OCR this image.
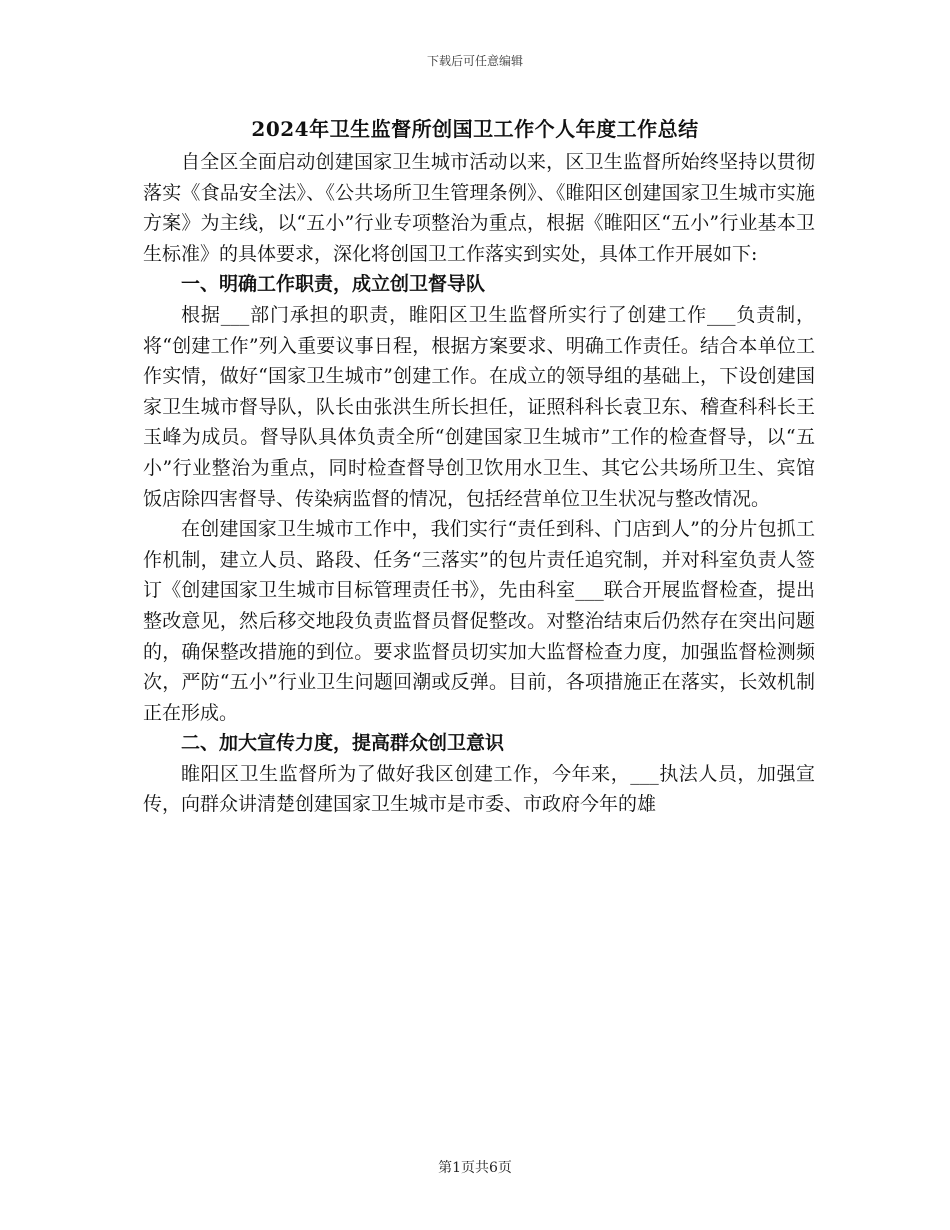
下载后可任意编辑
2024年卫生监督所创国卫工作个人年度工作总结

自全区全面启动创建国家卫生城市活动以来，区卫生监督所始终坚持以贯彻落实《食品安全法》、《公共场所卫生管理条例》、《睢阳区创建国家卫生城市实施方案》为主线，以“五小”行业专项整治为重点，根据《睢阳区“五小”行业基本卫生标准》的具体要求，深化将创国卫工作落实到实处，具体工作开展如下:

一、明确工作职责，成立创卫督导队

根据___部门承担的职责，睢阳区卫生监督所实行了创建工作___负责制，将“创建工作”列入重要议事日程，根据方案要求、明确工作责任。结合本单位工作实情，做好“国家卫生城市”创建工作。在成立的领导组的基础上，下设创建国家卫生城市督导队，队长由张洪生所长担任，证照科科长袁卫东、稽查科科长王玉峰为成员。督导队具体负责全所“创建国家卫生城市”工作的检查督导，以“五小”行业整治为重点，同时检查督导创卫饮用水卫生、其它公共场所卫生、宾馆饭店除四害督导、传染病监督的情况，包括经营单位卫生状况与整改情况。

在创建国家卫生城市工作中，我们实行“责任到科、门店到人”的分片包抓工作机制，建立人员、路段、任务“三落实”的包片责任追究制，并对科室负责人签订《创建国家卫生城市目标管理责任书》，先由科室___联合开展监督检查，提出整改意见，然后移交地段负责监督员督促整改。对整治结束后仍然存在突出问题的，确保整改措施的到位。要求监督员切实加大监督检查力度，加强监督检测频次，严防“五小”行业卫生问题回潮或反弹。目前，各项措施正在落实，长效机制正在形成。

二、加大宣传力度，提高群众创卫意识

睢阳区卫生监督所为了做好我区创建工作，今年来，___执法人员，加强宣传，向群众讲清楚创建国家卫生城市是市委、市政府今年的雄

第1页共6页
